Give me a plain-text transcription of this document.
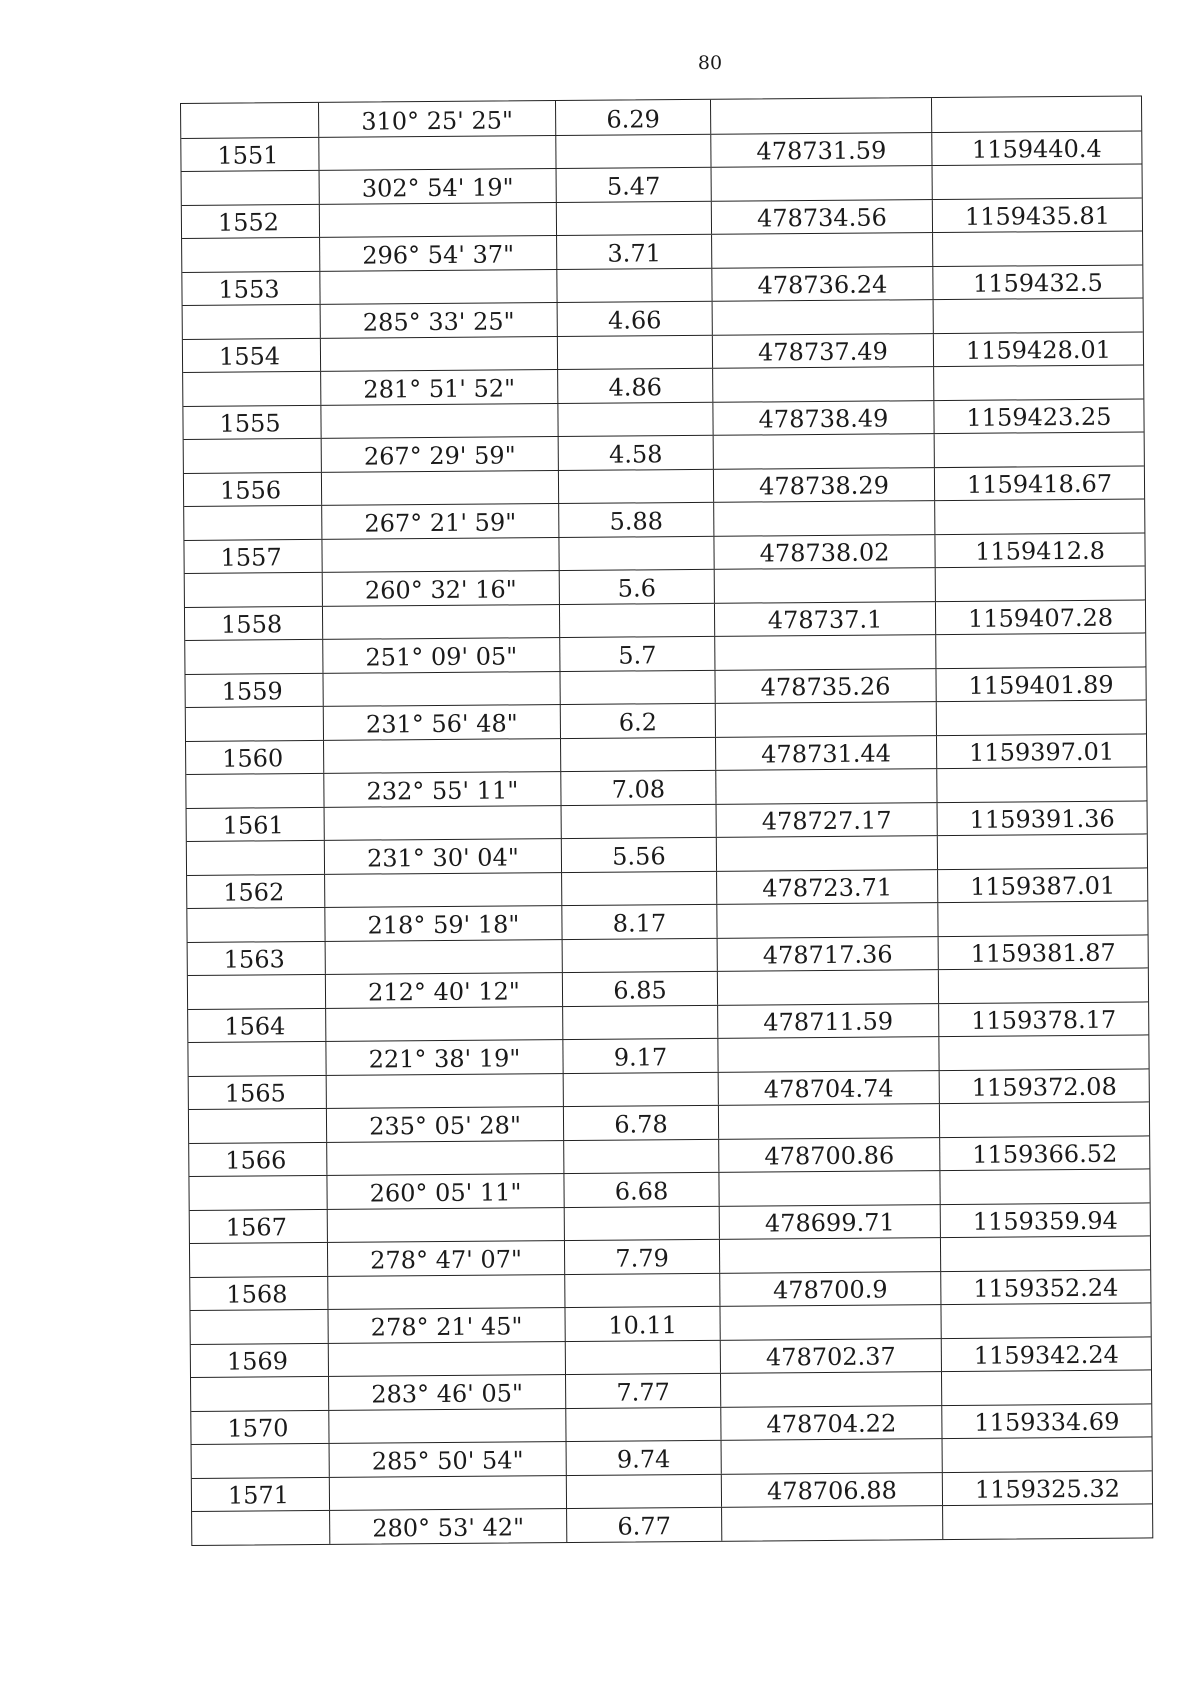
80
310° 25' 25"	6.29
1551	478731.59	1159440.4
302° 54' 19"	5.47
1552	478734.56	1159435.81
296° 54' 37"	3.71
1553	478736.24	1159432.5
285° 33' 25"	4.66
1554	478737.49	1159428.01
281° 51' 52"	4.86
1555	478738.49	1159423.25
267° 29' 59"	4.58
1556	478738.29	1159418.67
267° 21' 59"	5.88
1557	478738.02	1159412.8
260° 32' 16"	5.6
1558	478737.1	1159407.28
251° 09' 05"	5.7
1559	478735.26	1159401.89
231° 56' 48"	6.2
1560	478731.44	1159397.01
232° 55' 11"	7.08
1561	478727.17	1159391.36
231° 30' 04"	5.56
1562	478723.71	1159387.01
218° 59' 18"	8.17
1563	478717.36	1159381.87
212° 40' 12"	6.85
1564	478711.59	1159378.17
221° 38' 19"	9.17
1565	478704.74	1159372.08
235° 05' 28"	6.78
1566	478700.86	1159366.52
260° 05' 11"	6.68
1567	478699.71	1159359.94
278° 47' 07"	7.79
1568	478700.9	1159352.24
278° 21' 45"	10.11
1569	478702.37	1159342.24
283° 46' 05"	7.77
1570	478704.22	1159334.69
285° 50' 54"	9.74
1571	478706.88	1159325.32
280° 53' 42"	6.77
